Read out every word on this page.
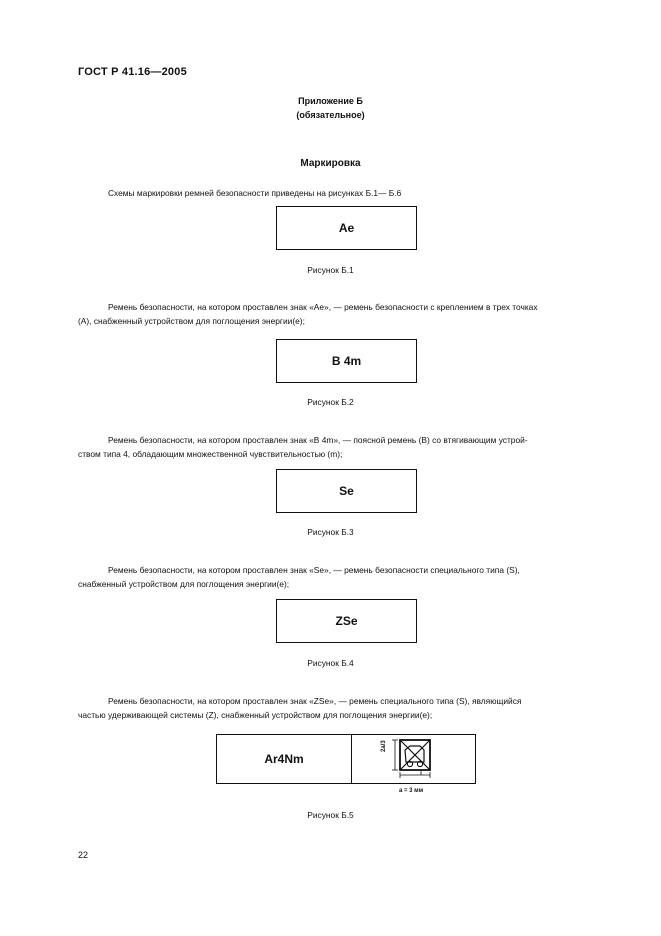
ГОСТ Р 41.16—2005
Приложение Б
(обязательное)
Маркировка
Схемы маркировки ремней безопасности приведены на рисунках Б.1— Б.6
Ae
Рисунок Б.1
Ремень безопасности, на котором проставлен знак «Ae», — ремень безопасности с креплением в трех точках
(A), снабженный устройством для поглощения энергии(е);
B 4m
Рисунок Б.2
Ремень безопасности, на котором проставлен знак «B 4m», — поясной ремень (B) со втягивающим устрой-
ством типа 4, обладающим множественной чувствительностью (m);
Se
Рисунок Б.3
Ремень безопасности, на котором проставлен знак «Se», — ремень безопасности специального типа (S),
снабженный устройством для поглощения энергии(е);
ZSe
Рисунок Б.4
Ремень безопасности, на котором проставлен знак «ZSe», — ремень специального типа (S), являющийся
частью удерживающей системы (Z), снабженный устройством для поглощения энергии(е);
Ar4Nm
2a/3
a = 3 мм
Рисунок Б.5
22
